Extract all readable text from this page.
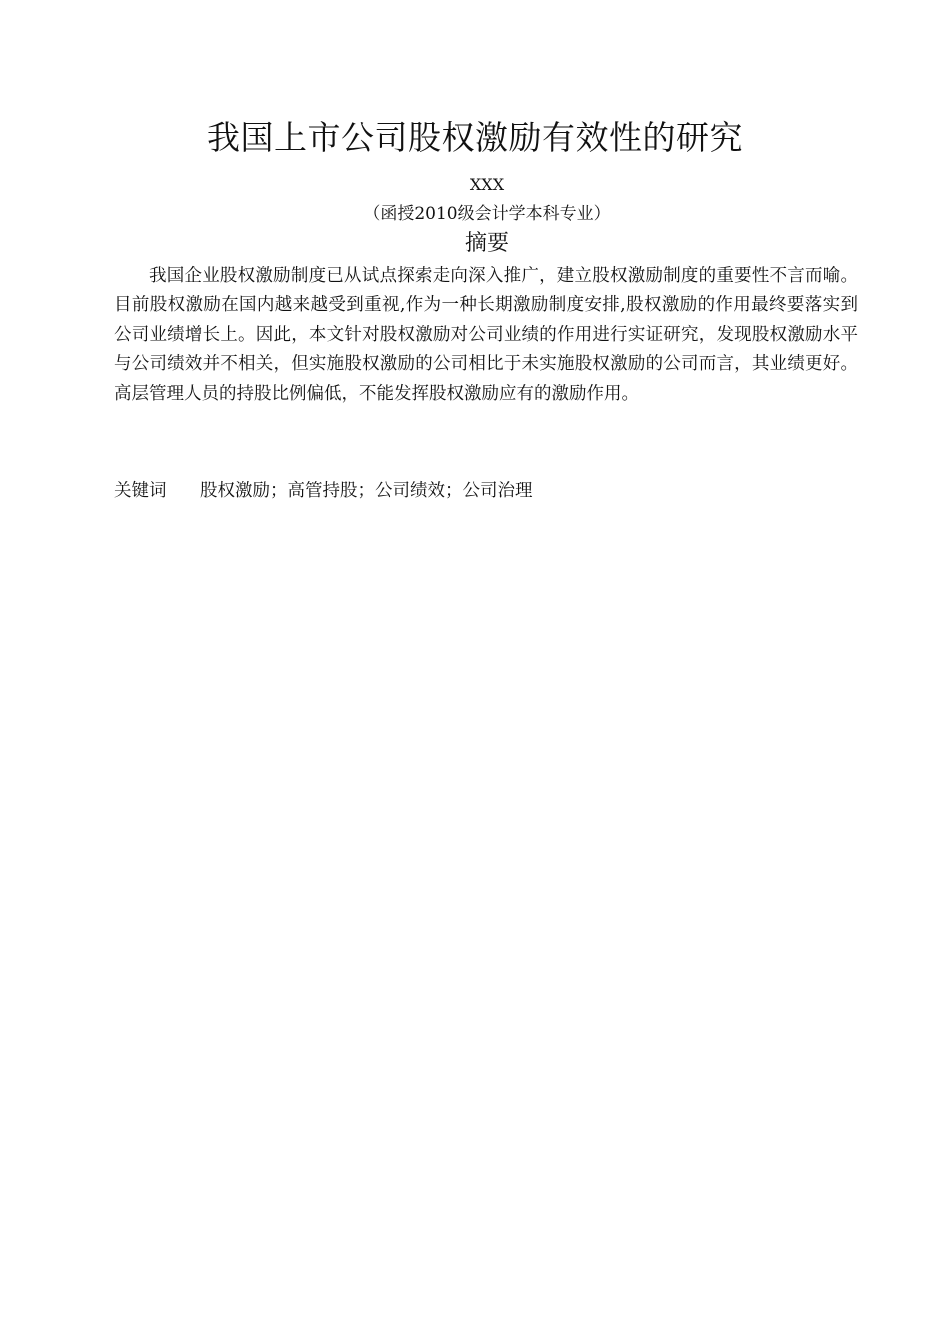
我国上市公司股权激励有效性的研究
XXX
（函授2010级会计学本科专业）
摘要

我国企业股权激励制度已从试点探索走向深入推广，建立股权激励制度的重要性不言而喻。目前股权激励在国内越来越受到重视,作为一种长期激励制度安排,股权激励的作用最终要落实到公司业绩增长上。因此，本文针对股权激励对公司业绩的作用进行实证研究，发现股权激励水平与公司绩效并不相关，但实施股权激励的公司相比于未实施股权激励的公司而言，其业绩更好。高层管理人员的持股比例偏低，不能发挥股权激励应有的激励作用。

关键词 股权激励；高管持股；公司绩效；公司治理
